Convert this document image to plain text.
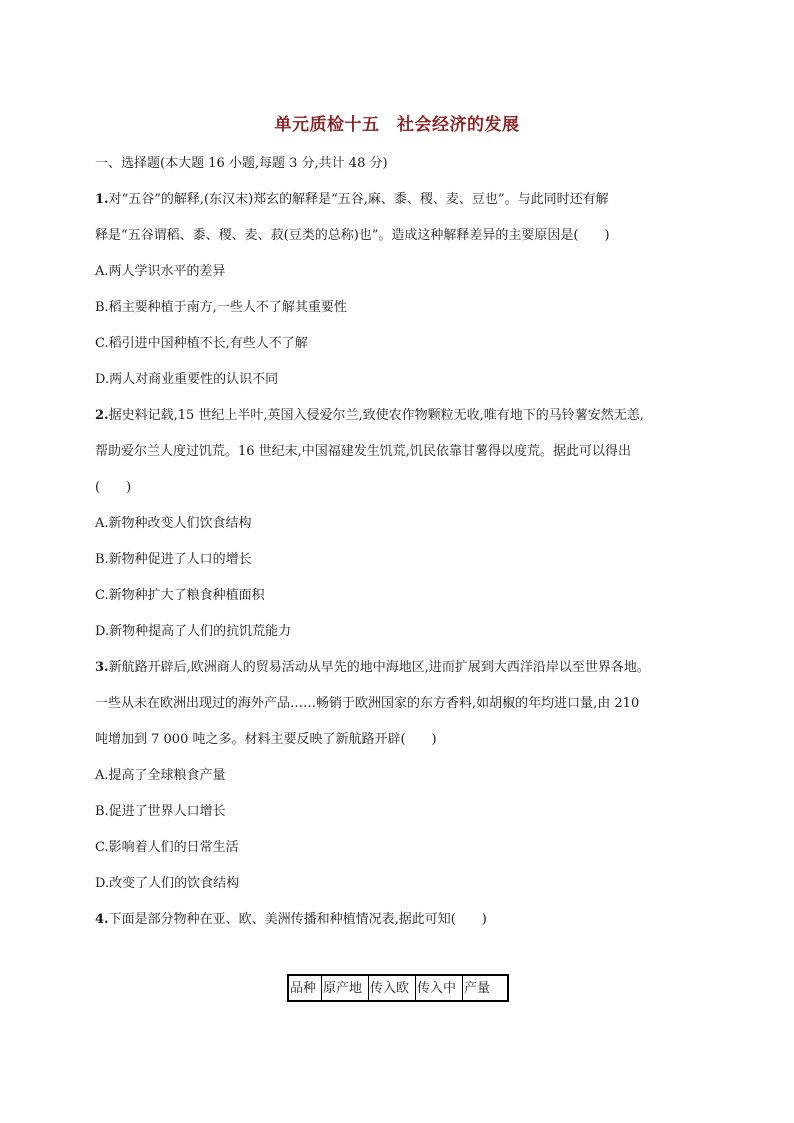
单元质检十五　社会经济的发展
一、选择题(本大题 16 小题,每题 3 分,共计 48 分)
1.对“五谷”的解释,(东汉末)郑玄的解释是“五谷,麻、黍、稷、麦、豆也”。与此同时还有解
释是“五谷谓稻、黍、稷、麦、菽(豆类的总称)也”。造成这种解释差异的主要原因是(　　)
A.两人学识水平的差异
B.稻主要种植于南方,一些人不了解其重要性
C.稻引进中国种植不长,有些人不了解
D.两人对商业重要性的认识不同
2.据史料记载,15 世纪上半叶,英国入侵爱尔兰,致使农作物颗粒无收,唯有地下的马铃薯安然无恙,
帮助爱尔兰人度过饥荒。16 世纪末,中国福建发生饥荒,饥民依靠甘薯得以度荒。据此可以得出
(　　)
A.新物种改变人们饮食结构
B.新物种促进了人口的增长
C.新物种扩大了粮食种植面积
D.新物种提高了人们的抗饥荒能力
3.新航路开辟后,欧洲商人的贸易活动从早先的地中海地区,进而扩展到大西洋沿岸以至世界各地。
一些从未在欧洲出现过的海外产品……畅销于欧洲国家的东方香料,如胡椒的年均进口量,由 210
吨增加到 7 000 吨之多。材料主要反映了新航路开辟(　　)
A.提高了全球粮食产量
B.促进了世界人口增长
C.影响着人们的日常生活
D.改变了人们的饮食结构
4.下面是部分物种在亚、欧、美洲传播和种植情况表,据此可知(　　)
品种	原产地	传入欧	传入中	产量
